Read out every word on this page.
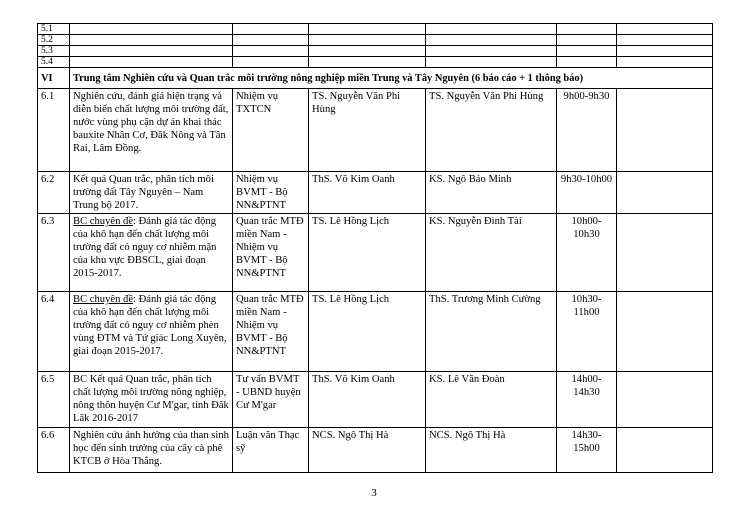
5.1						
5.2						
5.3						
5.4						
VI	Trung tâm Nghiên cứu và Quan trắc môi trường nông nghiệp miền Trung và Tây Nguyên (6 báo cáo + 1 thông báo)					
6.1	Nghiên cứu, đánh giá hiện trạng và diễn biến chất lượng môi trường đất, nước vùng phụ cận dự án khai thác bauxite Nhân Cơ, Đăk Nông và Tân Rai, Lâm Đồng.	Nhiệm vụ TXTCN	TS. Nguyễn Văn Phi Hùng	TS. Nguyễn Văn Phi Hùng	9h00-9h30	
6.2	Kết quả Quan trắc, phân tích môi trường đất Tây Nguyên – Nam Trung bộ 2017.	Nhiệm vụ BVMT - Bộ NN&PTNT	ThS. Võ Kim Oanh	KS. Ngô Bảo Minh	9h30-10h00	
6.3	BC chuyên đề: Đánh giá tác động của khô hạn đến chất lượng môi trường đất có nguy cơ nhiễm mặn của khu vực ĐBSCL, giai đoạn 2015-2017.	Quan trắc MTĐ miền Nam - Nhiệm vụ BVMT - Bộ NN&PTNT	TS. Lê Hồng Lịch	KS. Nguyễn Đình Tài	10h00-10h30	
6.4	BC chuyên đề: Đánh giá tác động của khô hạn đến chất lượng môi trường đất có nguy cơ nhiễm phèn vùng ĐTM và Tứ giác Long Xuyên, giai đoạn 2015-2017.	Quan trắc MTĐ miền Nam -Nhiệm vụ BVMT - Bộ NN&PTNT	TS. Lê Hồng Lịch	ThS. Trương Minh Cường	10h30-11h00	
6.5	BC Kết quả Quan trắc, phân tích chất lượng môi trường nông nghiệp, nông thôn huyện Cư M'gar, tỉnh Đăk Lăk 2016-2017	Tư vấn BVMT - UBND huyện Cư M'gar	ThS. Võ Kim Oanh	KS. Lê Văn Đoàn	14h00-14h30	
6.6	Nghiên cứu ảnh hưởng của than sinh học đến sinh trưởng của cây cà phê KTCB ở Hòa Thắng.	Luận văn Thạc sỹ	NCS. Ngô Thị Hà	NCS. Ngô Thị Hà	14h30-15h00	
3
